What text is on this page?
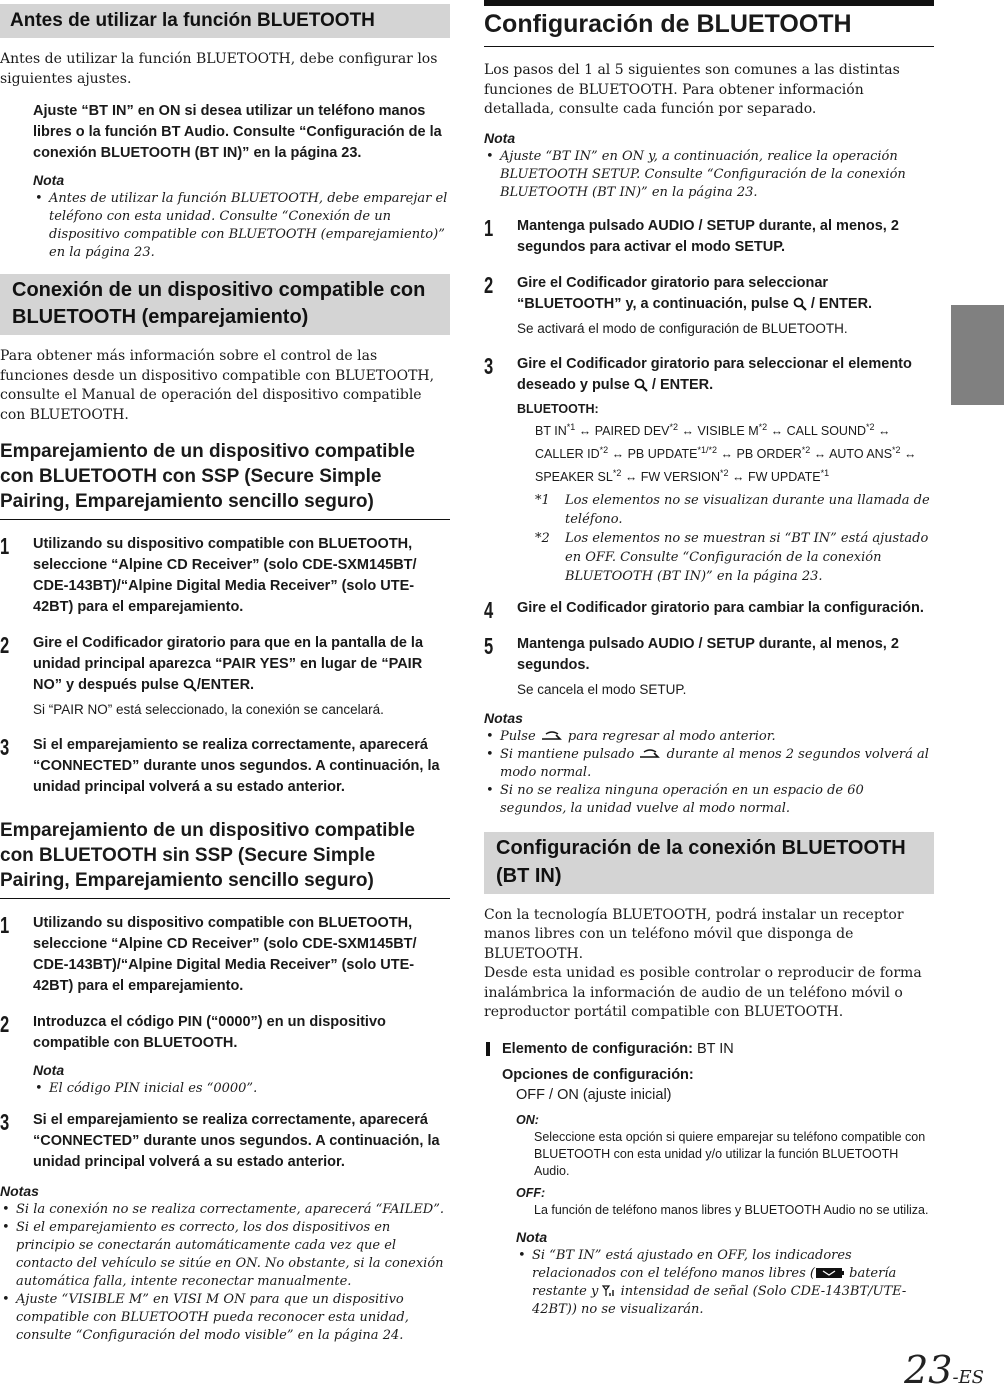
Antes de utilizar la función BLUETOOTH

Antes de utilizar la función BLUETOOTH, debe configurar los siguientes ajustes.

Ajuste “BT IN” en ON si desea utilizar un teléfono manos libres o la función BT Audio. Consulte “Configuración de la conexión BLUETOOTH (BT IN)” en la página 23.
Nota
• Antes de utilizar la función BLUETOOTH, debe emparejar el teléfono con esta unidad. Consulte “Conexión de un dispositivo compatible con BLUETOOTH (emparejamiento)” en la página 23.
Conexión de un dispositivo compatible con BLUETOOTH (emparejamiento)

Para obtener más información sobre el control de las funciones desde un dispositivo compatible con BLUETOOTH, consulte el Manual de operación del dispositivo compatible con BLUETOOTH.

Emparejamiento de un dispositivo compatible con BLUETOOTH con SSP (Secure Simple Pairing, Emparejamiento sencillo seguro)
1 Utilizando su dispositivo compatible con BLUETOOTH, seleccione “Alpine CD Receiver” (solo CDE-SXM145BT/ CDE-143BT)/“Alpine Digital Media Receiver” (solo UTE-42BT) para el emparejamiento.
2 Gire el Codificador giratorio para que en la pantalla de la unidad principal aparezca “PAIR YES” en lugar de “PAIR NO” y después pulse /ENTER.
Si “PAIR NO” está seleccionado, la conexión se cancelará.
3 Si el emparejamiento se realiza correctamente, aparecerá “CONNECTED” durante unos segundos. A continuación, la unidad principal volverá a su estado anterior.
Emparejamiento de un dispositivo compatible con BLUETOOTH sin SSP (Secure Simple Pairing, Emparejamiento sencillo seguro)
1 Utilizando su dispositivo compatible con BLUETOOTH, seleccione “Alpine CD Receiver” (solo CDE-SXM145BT/ CDE-143BT)/“Alpine Digital Media Receiver” (solo UTE-42BT) para el emparejamiento.
2 Introduzca el código PIN (“0000”) en un dispositivo compatible con BLUETOOTH.
Nota
• El código PIN inicial es “0000”.
3 Si el emparejamiento se realiza correctamente, aparecerá “CONNECTED” durante unos segundos. A continuación, la unidad principal volverá a su estado anterior.
Notas
• Si la conexión no se realiza correctamente, aparecerá “FAILED”.
• Si el emparejamiento es correcto, los dos dispositivos en principio se conectarán automáticamente cada vez que el contacto del vehículo se sitúe en ON. No obstante, si la conexión automática falla, intente reconectar manualmente.
• Ajuste “VISIBLE M” en VISI M ON para que un dispositivo compatible con BLUETOOTH pueda reconocer esta unidad, consulte “Configuración del modo visible” en la página 24.
Configuración de BLUETOOTH

Los pasos del 1 al 5 siguientes son comunes a las distintas funciones de BLUETOOTH. Para obtener información detallada, consulte cada función por separado.

Nota
• Ajuste “BT IN” en ON y, a continuación, realice la operación BLUETOOTH SETUP. Consulte “Configuración de la conexión BLUETOOTH (BT IN)” en la página 23.
1 Mantenga pulsado AUDIO / SETUP durante, al menos, 2 segundos para activar el modo SETUP.
2 Gire el Codificador giratorio para seleccionar “BLUETOOTH” y, a continuación, pulse  / ENTER.
Se activará el modo de configuración de BLUETOOTH.
3 Gire el Codificador giratorio para seleccionar el elemento deseado y pulse  / ENTER.
BLUETOOTH:
BT IN$^{*1}$ ↔ PAIRED DEV$^{*2}$ ↔ VISIBLE $M^{*2}$ ↔ CALL SOUND$^{*2}$ ↔ CALLER ID$^{*2}$ ↔ PB $UPDATE^{*1/*2}$ ↔ PB ORDER$^{*2}$ ↔ AUTO ANS$^{*2}$ ↔ SPEAKER SL$^{*2}$ ↔ FW VERSION$^{*2}$ ↔ FW UPDATE$^{*1}$
*1 Los elementos no se visualizan durante una llamada de teléfono.
*2 Los elementos no se muestran si “BT IN” está ajustado en OFF. Consulte “Configuración de la conexión BLUETOOTH (BT IN)” en la página 23.
4 Gire el Codificador giratorio para cambiar la configuración.
5 Mantenga pulsado AUDIO / SETUP durante, al menos, 2 segundos.
Se cancela el modo SETUP.
Notas
• Pulse  para regresar al modo anterior.
• Si mantiene pulsado  durante al menos 2 segundos volverá al modo normal.
• Si no se realiza ninguna operación en un espacio de 60 segundos, la unidad vuelve al modo normal.
Configuración de la conexión BLUETOOTH (BT IN)

Con la tecnología BLUETOOTH, podrá instalar un receptor manos libres con un teléfono móvil que disponga de BLUETOOTH.

Desde esta unidad es posible controlar o reproducir de forma inalámbrica la información de audio de un teléfono móvil o reproductor portátil compatible con BLUETOOTH.

Elemento de configuración: BT IN
Opciones de configuración:
OFF / ON (ajuste inicial)
ON:
Seleccione esta opción si quiere emparejar su teléfono compatible con BLUETOOTH con esta unidad y/o utilizar la función BLUETOOTH Audio.
OFF:
La función de teléfono manos libres y BLUETOOTH Audio no se utiliza.
Nota
• Si “BT IN” está ajustado en OFF, los indicadores relacionados con el teléfono manos libres ( batería restante y  intensidad de señal (Solo CDE-143BT/UTE-42BT)) no se visualizarán.
23-ES
